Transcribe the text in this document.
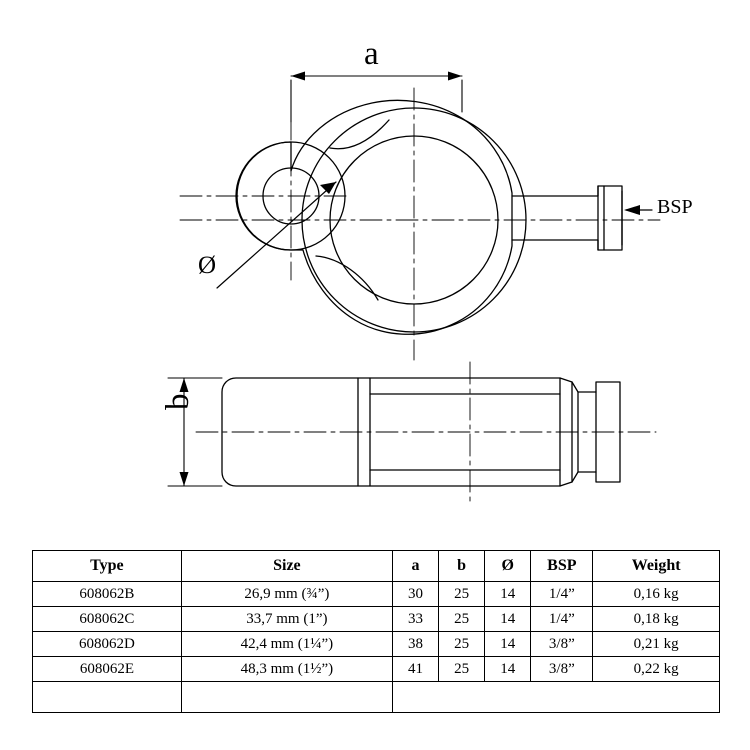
a
b
Ø
BSP
Type	Size	a	b	Ø	BSP	Weight
608062B	26,9 mm (¾”)	30	25	14	1/4”	0,16 kg
608062C	33,7 mm (1”)	33	25	14	1/4”	0,18 kg
608062D	42,4 mm (1¼”)	38	25	14	3/8”	0,21 kg
608062E	48,3 mm (1½”)	41	25	14	3/8”	0,22 kg
